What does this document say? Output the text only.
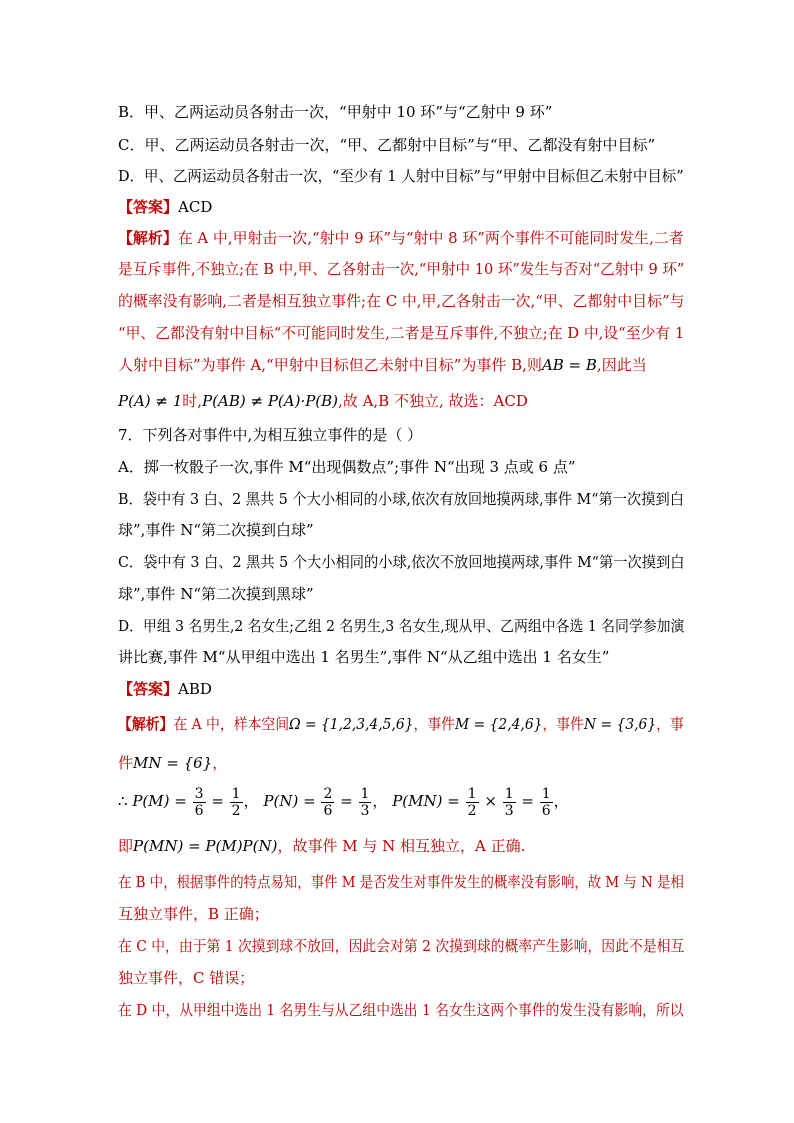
B．甲、乙两运动员各射击一次，“甲射中 10 环”与“乙射中 9 环”
C．甲、乙两运动员各射击一次，“甲、乙都射中目标”与“甲、乙都没有射中目标”
D．甲、乙两运动员各射击一次，“至少有 1 人射中目标”与“甲射中目标但乙未射中目标”
【答案】ACD
【解析】在 A 中,甲射击一次,“射中 9 环”与“射中 8 环”两个事件不可能同时发生,二者
是互斥事件,不独立;在 B 中,甲、乙各射击一次,“甲射中 10 环”发生与否对“乙射中 9 环”
的概率没有影响,二者是相互独立事件;在 C 中,甲,乙各射击一次,“甲、乙都射中目标”与
“甲、乙都没有射中目标“不可能同时发生,二者是互斥事件,不独立;在 D 中,设“至少有 1
人射中目标”为事件 A,“甲射中目标但乙未射中目标”为事件 B,则AB = B,因此当
P(A) ≠ 1时,P(AB) ≠ P(A)·P(B),故 A,B 不独立, 故选：ACD
7．下列各对事件中,为相互独立事件的是（ ）
A．掷一枚骰子一次,事件 M“出现偶数点”;事件 N“出现 3 点或 6 点”
B．袋中有 3 白、2 黑共 5 个大小相同的小球,依次有放回地摸两球,事件 M“第一次摸到白
球”,事件 N“第二次摸到白球”
C．袋中有 3 白、2 黑共 5 个大小相同的小球,依次不放回地摸两球,事件 M“第一次摸到白
球”,事件 N“第二次摸到黑球”
D．甲组 3 名男生,2 名女生;乙组 2 名男生,3 名女生,现从甲、乙两组中各选 1 名同学参加演
讲比赛,事件 M“从甲组中选出 1 名男生”,事件 N“从乙组中选出 1 名女生”
【答案】ABD
【解析】在 A 中，样本空间Ω = {1,2,3,4,5,6}，事件M = {2,4,6}，事件N = {3,6}，事
件MN = {6}，
∴ $P(M) = \frac{3}{6} = \frac{1}{2}$ ， $P(N) = \frac{2}{6} = \frac{1}{3}$ ， $P(MN) = \frac{1}{2} \times \frac{1}{3} = \frac{1}{6}$ ，
即P(MN) = P(M)P(N)，故事件 M 与 N 相互独立，A 正确.
在 B 中，根据事件的特点易知，事件 M 是否发生对事件发生的概率没有影响，故 M 与 N 是相
互独立事件，B 正确；
在 C 中，由于第 1 次摸到球不放回，因此会对第 2 次摸到球的概率产生影响，因此不是相互
独立事件，C 错误；
在 D 中，从甲组中选出 1 名男生与从乙组中选出 1 名女生这两个事件的发生没有影响，所以
